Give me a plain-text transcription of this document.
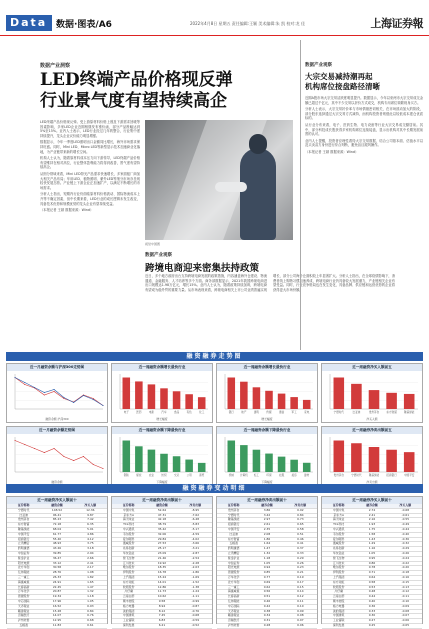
Data 数据·图表/A6	2022年4月8日 星期五 责任编辑:王颖 美术编辑:朱 凯 校对:龙 佳	上海证券報
数据产业洞察
LED终端产品价格现反弹
行业景气度有望持续高企

LED终端产品价格现反弹。受上游原材料价格上涨及下游需求回暖等因素影响，多家LED企业近期相继发布涨价函，部分产品涨幅达到5%至15%。业内人士表示，LED行业经过几年的整合，行业集中度持续提升，龙头企业议价能力明显增强。

数据显示，今年一季度LED照明出口金额同比增长，海外市场需求保持旺盛。同时，Mini LED、Micro LED等新型显示技术加速商业化落地，为产业链带来新的增长空间。

机构人士认为，随着原材料成本压力向下游传导，LED终端产品价格有望维持在相对高位，行业整体盈利能力将得到改善，景气度有望持续高企。

从细分领域来看，Mini LED背光产品需求快速增长，多家面板厂商加大相关产品布局；车用LED、植物照明、紫外LED等细分市场亦呈现较快发展态势。产业链上下游企业正加速扩产，以满足不断增长的市场需求。

分析人士指出，短期内行业仍面临原材料价格波动、国际物流成本上升等不确定因素，但中长期来看，LED行业的成长逻辑未发生改变，具备技术优势和规模优势的龙头企业有望持续受益。

（本报记者 王颖 数据来源：Wind）

视觉中国图
数据产业观察
跨境电商迎来密集扶持政策
近日，多个地方政府出台支持跨境电商发展的政策措施，内容涵盖海外仓建设、物流通道、金融服务、人才培养等多个方面。商务部数据显示，2021年我国跨境电商进出口规模达1.98万亿元，增长15%。业内人士认为，随着政策持续加码，跨境电商有望成为稳外贸的重要力量。从市场表现来看，跨境电商相关上市公司业绩普遍实现增长，部分公司海外仓面积较上年显著扩大。分析人士指出，在全球疫情影响下，消费者线上购物习惯加速养成，跨境电商行业仍具备较大发展潜力，产业链相关企业有望受益。同时，行业竞争格局也在发生变化，具备品牌、供应链和运营优势的企业将获得更大市场份额。
数据产业观察
大宗交易减持潮再起
机构席位接盘路径清晰

近期A股市场大宗交易活跃度明显提升。数据显示，今年以来两市大宗交易成交金额已超过千亿元，其中不少交易以折价方式成交，机构专用席位频繁现身买方。

分析人士表示，大宗交易折价率与市场情绪密切相关，在市场波动加大的阶段，部分股东选择通过大宗交易方式减持，而机构投资者则借此以较低成本建仓优质标的。

从行业分布来看，电子、医药生物、电力设备等行业大宗交易成交额居前。其中，部分科技成长股获得多家机构席位连续接盘，显示出机构对其中长期发展前景的认可。

业内人士提醒，投资者应理性看待大宗交易数据，结合公司基本面、估值水平以及买卖双方身份进行综合判断，避免盲目跟风操作。

（本报记者 王颖 数据来源：Wind）

融资融券走势图
近一月融资余额与沪深300走势图
融资余额 沪深300
近一周融资余额增长最快行业
电子	医药	电新	汽车	食品	有色	化工
增长幅度
近一周融券余额增长最快行业
银行	地产	建筑	传媒	通信	军工	家电
增长幅度
近一周融资净买入额前五
宁德时代	比亚迪	贵州茅台	东方财富	隆基绿能
净买入额
近一月融资余额走势图
融资余额
近一周融资余额下降最快行业
钢铁	煤炭	农业	纺织	交运	公用	商贸
下降幅度
近一周融券余额下降最快行业
机械 计算机 轻工	环保	社服	美容	建材
下降幅度
近一周融券净卖出额前五
贵州茅台	宁德时代	隆基绿能	招商银行	中国平安
净卖出额
融资融券变动明细
近一周融资净买入额前十
证券简称	融资余额	净买入额
宁德时代	148.52	12.36
比亚迪	96.41	9.87
贵州茅台	85.23	7.42
东方财富	72.18	6.35
隆基绿能	68.04	5.91
中国平安	61.77	4.86
招商银行	55.40	4.12
立讯精密	48.93	3.75
药明康德	43.26	3.18
中信证券	39.85	2.94
紫金矿业	36.47	2.66
阳光电源	33.12	2.41
北方华创	30.58	2.17
亿纬锂能	28.76	1.98
三一重工	26.33	1.82
海康威视	24.91	1.65
长春高新	22.45	1.47
万华化学	20.87	1.32
恩捷股份	19.34	1.18
中芯国际	17.96	1.05
天齐锂业	16.52	0.93
赣锋锂业	15.28	0.84
迈瑞医疗	14.07	0.76
泸州老窖	12.95	0.68
五粮液	11.83	0.61
近一周融资净卖出额前十
证券简称	融资余额	净卖出额
中国中免	52.64	-8.95
京东方A	47.31	-7.62
海天味业	42.18	-6.48
TCL科技	38.79	-5.83
中兴通讯	35.42	-5.17
韦尔股份	32.06	-4.59
爱尔眼科	29.84	-4.02
通威股份	27.53	-3.66
兆易创新	25.17	-3.21
华友钴业	23.09	-2.87
智飞生物	21.46	-2.54
汇川技术	19.92	-2.28
歌尔股份	18.35	-2.03
伊利股份	16.78	-1.86
上汽集团	15.24	-1.69
东方雨虹	14.01	-1.52
牧原股份	12.86	-1.38
片仔癀	11.73	-1.24
云南白药	10.62	-1.11
顺丰控股	9.58	-0.99
格力电器	8.94	-0.87
美的集团	8.12	-0.76
中国建筑	7.45	-0.68
工业富联	6.83	-0.59
保利发展	6.21	-0.52
近一周融券净卖出额前十
证券简称	融券余额	净卖出额
贵州茅台	3.86	0.92
宁德时代	3.42	0.84
隆基绿能	2.97	0.73
招商银行	2.61	0.65
中国平安	2.35	0.58
比亚迪	2.08	0.51
东方财富	1.86	0.46
五粮液	1.64	0.41
药明康德	1.47	0.37
立讯精密	1.32	0.33
紫金矿业	1.18	0.29
中信证券	1.05	0.26
阳光电源	0.94	0.23
恩捷股份	0.85	0.21
万华化学	0.77	0.19
北方华创	0.69	0.17
三一重工	0.62	0.15
海康威视	0.56	0.14
长春高新	0.51	0.12
亿纬锂能	0.46	0.11
中芯国际	0.42	0.10
天齐锂业	0.38	0.09
赣锋锂业	0.34	0.08
迈瑞医疗	0.31	0.07
泸州老窖	0.28	0.06
近一周融券净买入额前十
证券简称	融券余额	净买入额
中国中免	2.74	-0.68
京东方A	2.41	-0.61
海天味业	2.16	-0.55
TCL科技	1.93	-0.49
中兴通讯	1.75	-0.44
韦尔股份	1.58	-0.40
爱尔眼科	1.43	-0.36
通威股份	1.29	-0.32
兆易创新	1.16	-0.29
华友钴业	1.05	-0.26
智飞生物	0.95	-0.24
汇川技术	0.86	-0.22
歌尔股份	0.78	-0.20
伊利股份	0.71	-0.18
上汽集团	0.64	-0.16
东方雨虹	0.58	-0.15
牧原股份	0.53	-0.13
片仔癀	0.48	-0.12
云南白药	0.44	-0.11
顺丰控股	0.40	-0.10
格力电器	0.36	-0.09
美的集团	0.33	-0.08
中国建筑	0.30	-0.07
工业富联	0.27	-0.06
保利发展	0.25	-0.05
